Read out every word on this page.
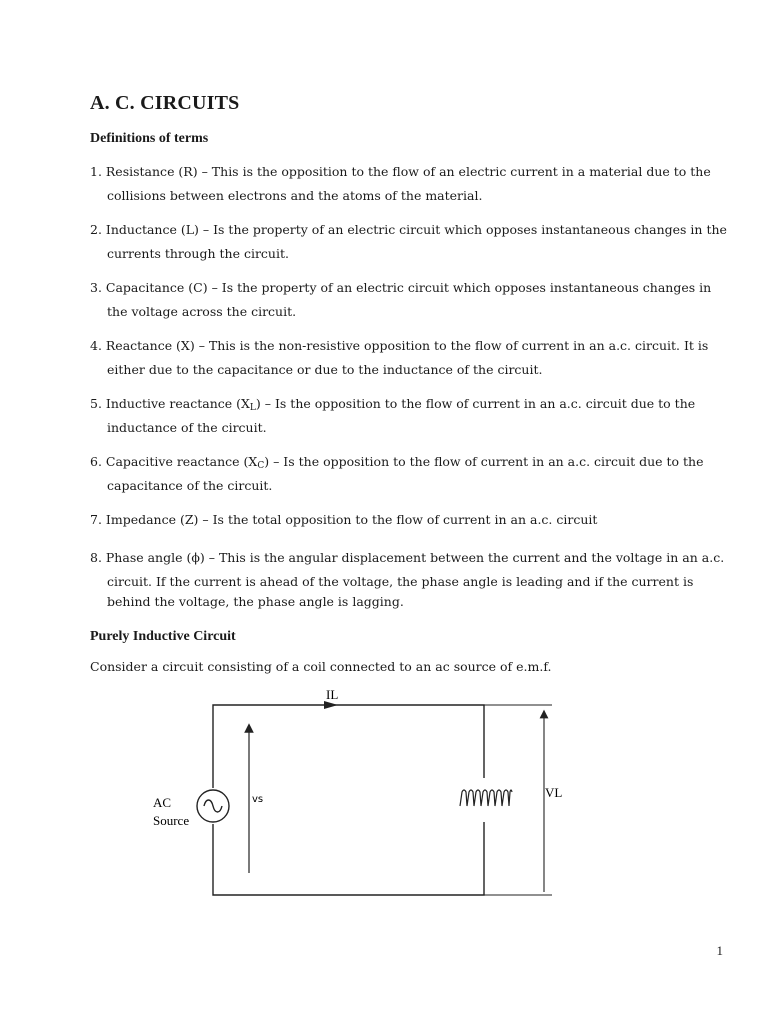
A. C. CIRCUITS
Definitions of terms
1. Resistance (R) – This is the opposition to the flow of an electric current in a material due to the collisions between electrons and the atoms of the material.
2. Inductance (L) – Is the property of an electric circuit which opposes instantaneous changes in the currents through the circuit.
3. Capacitance (C) – Is the property of an electric circuit which opposes instantaneous changes in the voltage across the circuit.
4. Reactance (X) – This is the non-resistive opposition to the flow of current in an a.c. circuit. It is either due to the capacitance or due to the inductance of the circuit.
5. Inductive reactance $(X_L)$ – Is the opposition to the flow of current in an a.c. circuit due to the inductance of the circuit.
6. Capacitive reactance $(X_C)$ – Is the opposition to the flow of current in an a.c. circuit due to the capacitance of the circuit.
7. Impedance (Z) – Is the total opposition to the flow of current in an a.c. circuit
8. Phase angle (ϕ) – This is the angular displacement between the current and the voltage in an a.c. circuit. If the current is ahead of the voltage, the phase angle is leading and if the current is behind the voltage, the phase angle is lagging.
Purely Inductive Circuit

Consider a circuit consisting of a coil connected to an ac source of e.m.f.

IL
AC
Source
vs	VL
1
